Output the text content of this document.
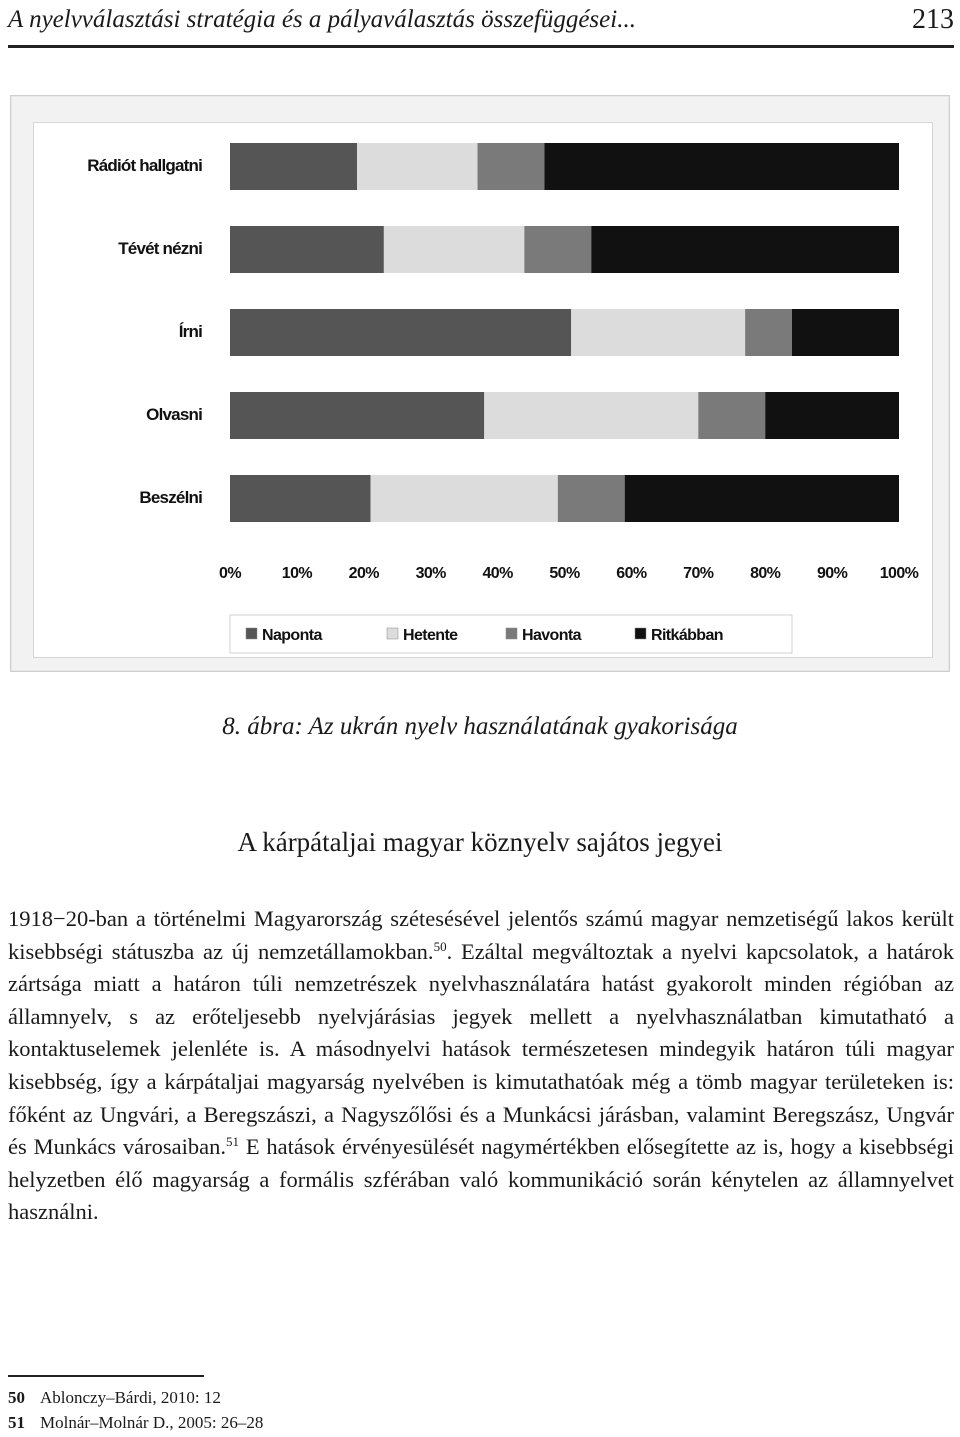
A nyelvválasztási stratégia és a pályaválasztás összefüggései...	213
Rádiót hallgatni
Tévét nézni
Írni
Olvasni
Beszélni
0%	10% 20% 30% 40% 50% 60% 70% 80% 90% 100%
Naponta	Hetente	Havonta	Ritkábban
8. ábra: Az ukrán nyelv használatának gyakorisága
A kárpátaljai magyar köznyelv sajátos jegyei

1918−20-ban a történelmi Magyarország szétesésével jelentős számú magyar nemzetiségű lakos került kisebbségi státuszba az új nemzetállamokban.$^{50}$. Ezáltal megváltoztak a nyelvi kapcsolatok, a határok zártsága miatt a határon túli nemzetrészek nyelvhasználatára hatást gyakorolt minden régióban az államnyelv, s az erőteljesebb nyelvjárásias jegyek mellett a nyelvhasználatban kimutatható a kontaktuselemek jelenléte is. A másodnyelvi hatások természetesen mindegyik határon túli magyar kisebbség, így a kárpátaljai magyarság nyelvében is kimutathatóak még a tömb magyar területeken is: főként az Ungvári, a Beregszászi, a Nagyszőlősi és a Munkácsi járásban, valamint Beregszász, Ungvár és Munkács városaiban.$^{51}$ E hatások érvényesülését nagymértékben elősegítette az is, hogy a kisebbségi helyzetben élő magyarság a formális szférában való kommunikáció során kénytelen az államnyelvet használni.

50 Ablonczy–Bárdi, 2010: 12
51 Molnár–Molnár D., 2005: 26–28
